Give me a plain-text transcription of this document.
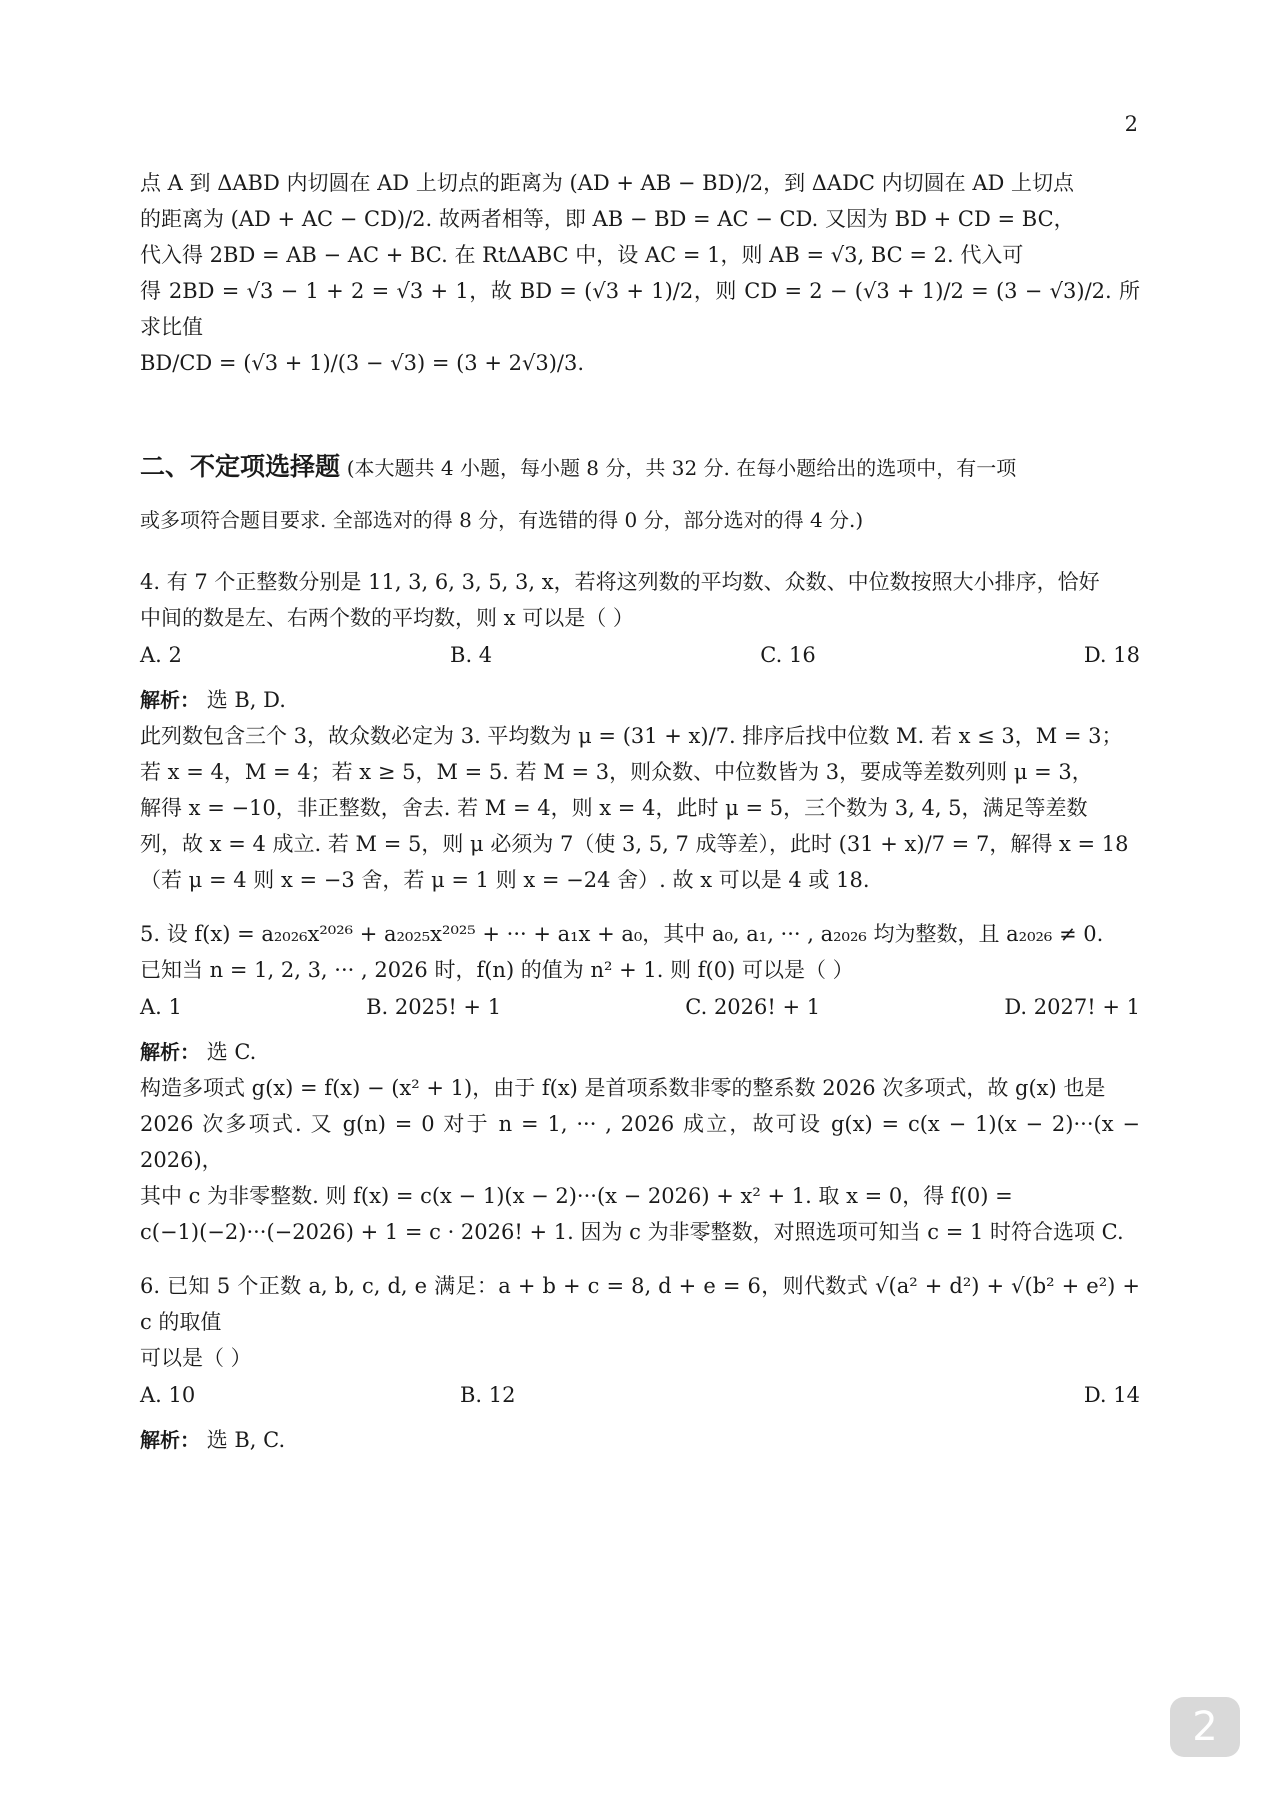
2

点 A 到 ΔABD 内切圆在 AD 上切点的距离为 (AD + AB − BD)/2，到 ΔADC 内切圆在 AD 上切点

的距离为 (AD + AC − CD)/2. 故两者相等，即 AB − BD = AC − CD. 又因为 BD + CD = BC，

代入得 2BD = AB − AC + BC. 在 RtΔABC 中，设 AC = 1，则 AB = √3, BC = 2. 代入可

得 2BD = √3 − 1 + 2 = √3 + 1，故 BD = (√3 + 1)/2，则 CD = 2 − (√3 + 1)/2 = (3 − √3)/2. 所求比值

BD/CD = (√3 + 1)/(3 − √3) = (3 + 2√3)/3.

二、不定项选择题 (本大题共 4 小题，每小题 8 分，共 32 分. 在每小题给出的选项中，有一项

或多项符合题目要求. 全部选对的得 8 分，有选错的得 0 分，部分选对的得 4 分.)

4. 有 7 个正整数分别是 11, 3, 6, 3, 5, 3, x，若将这列数的平均数、众数、中位数按照大小排序，恰好

中间的数是左、右两个数的平均数，则 x 可以是（ ）

A. 2	B. 4	C. 16	D. 18

解析： 选 B, D.

此列数包含三个 3，故众数必定为 3. 平均数为 μ = (31 + x)/7. 排序后找中位数 M. 若 x ≤ 3，M = 3；

若 x = 4，M = 4；若 x ≥ 5，M = 5. 若 M = 3，则众数、中位数皆为 3，要成等差数列则 μ = 3，

解得 x = −10，非正整数，舍去. 若 M = 4，则 x = 4，此时 μ = 5，三个数为 3, 4, 5，满足等差数

列，故 x = 4 成立. 若 M = 5，则 μ 必须为 7（使 3, 5, 7 成等差），此时 (31 + x)/7 = 7，解得 x = 18

（若 μ = 4 则 x = −3 舍，若 μ = 1 则 x = −24 舍）. 故 x 可以是 4 或 18.

5. 设 f(x) = a₂₀₂₆x²⁰²⁶ + a₂₀₂₅x²⁰²⁵ + ··· + a₁x + a₀，其中 a₀, a₁, ··· , a₂₀₂₆ 均为整数，且 a₂₀₂₆ ≠ 0.

已知当 n = 1, 2, 3, ··· , 2026 时，f(n) 的值为 n² + 1. 则 f(0) 可以是（ ）

A. 1	B. 2025! + 1	C. 2026! + 1	D. 2027! + 1

解析： 选 C.

构造多项式 g(x) = f(x) − (x² + 1)，由于 f(x) 是首项系数非零的整系数 2026 次多项式，故 g(x) 也是

2026 次多项式. 又 g(n) = 0 对于 n = 1, ··· , 2026 成立，故可设 g(x) = c(x − 1)(x − 2)···(x − 2026)，

其中 c 为非零整数. 则 f(x) = c(x − 1)(x − 2)···(x − 2026) + x² + 1. 取 x = 0，得 f(0) =

c(−1)(−2)···(−2026) + 1 = c · 2026! + 1. 因为 c 为非零整数，对照选项可知当 c = 1 时符合选项 C.

6. 已知 5 个正数 a, b, c, d, e 满足：a + b + c = 8, d + e = 6，则代数式 √(a² + d²) + √(b² + e²) + c 的取值

可以是（ ）

A. 10	B. 12	D. 14

解析： 选 B, C.

2
